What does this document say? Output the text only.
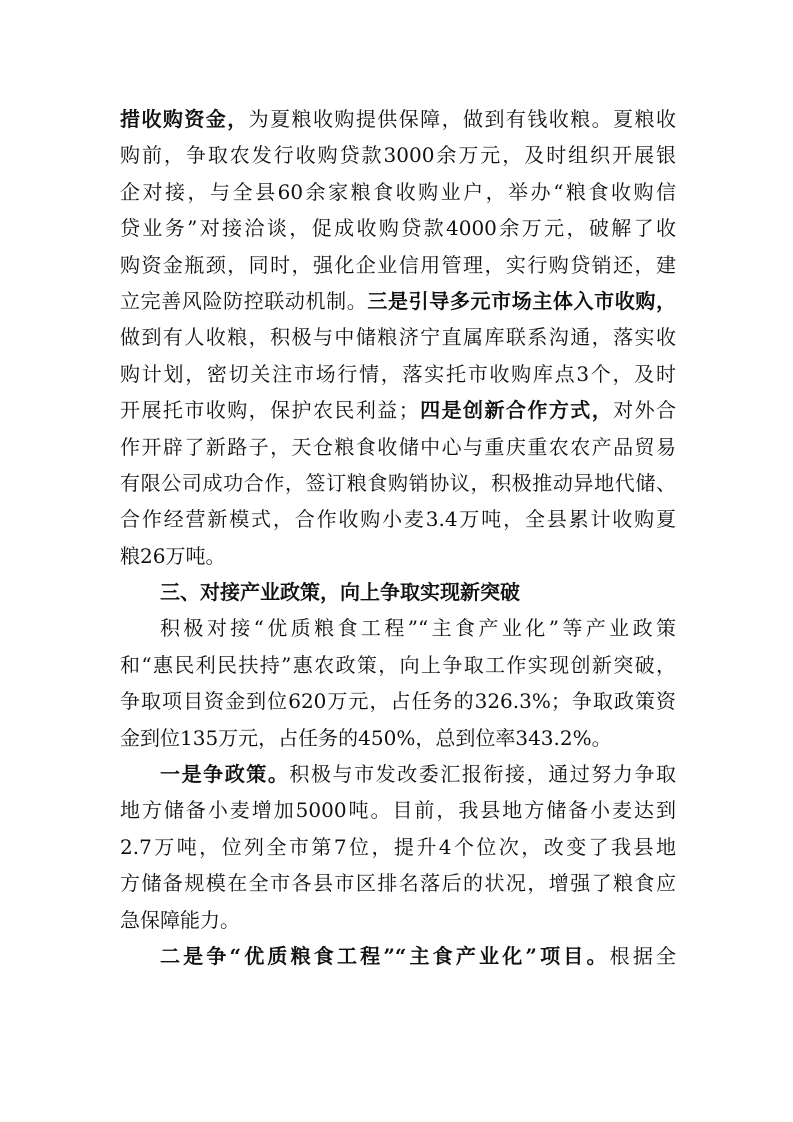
措收购资金，为夏粮收购提供保障，做到有钱收粮。夏粮收
购前，争取农发行收购贷款3000余万元，及时组织开展银
企对接，与全县60余家粮食收购业户，举办“粮食收购信
贷业务”对接洽谈，促成收购贷款4000余万元，破解了收
购资金瓶颈，同时，强化企业信用管理，实行购贷销还，建
立完善风险防控联动机制。三是引导多元市场主体入市收购，
做到有人收粮，积极与中储粮济宁直属库联系沟通，落实收
购计划，密切关注市场行情，落实托市收购库点3个，及时
开展托市收购，保护农民利益；四是创新合作方式，对外合
作开辟了新路子，天仓粮食收储中心与重庆重农农产品贸易
有限公司成功合作，签订粮食购销协议，积极推动异地代储、
合作经营新模式，合作收购小麦3.4万吨，全县累计收购夏
粮26万吨。
三、对接产业政策，向上争取实现新突破
积极对接“优质粮食工程”“主食产业化”等产业政策
和“惠民利民扶持”惠农政策，向上争取工作实现创新突破，
争取项目资金到位620万元，占任务的326.3%；争取政策资
金到位135万元，占任务的450%，总到位率343.2%。
一是争政策。积极与市发改委汇报衔接，通过努力争取
地方储备小麦增加5000吨。目前，我县地方储备小麦达到
2.7万吨，位列全市第7位，提升4个位次，改变了我县地
方储备规模在全市各县市区排名落后的状况，增强了粮食应
急保障能力。
二是争“优质粮食工程”“主食产业化”项目。根据全
